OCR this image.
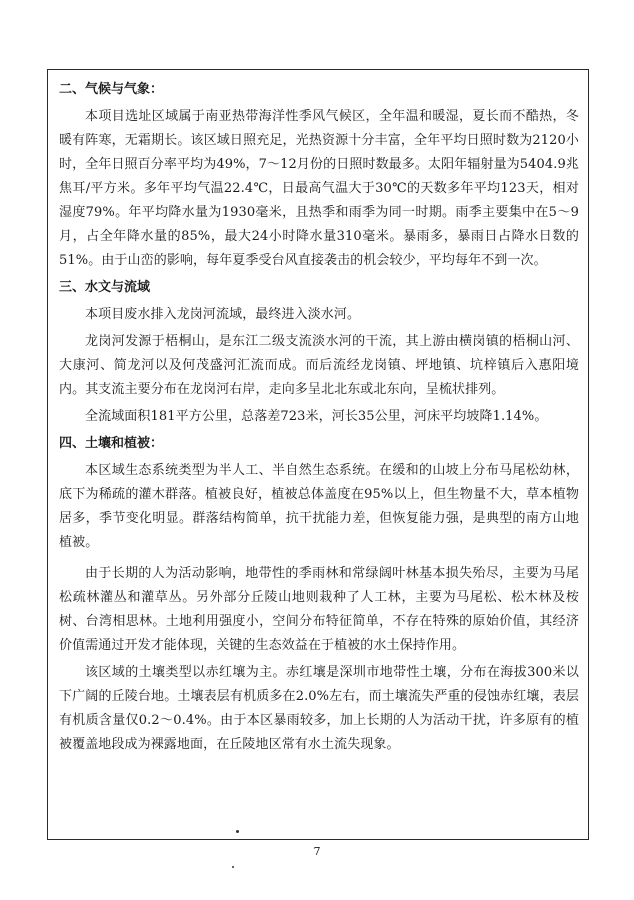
二、气候与气象：

本项目选址区域属于南亚热带海洋性季风气候区，全年温和暖湿，夏长而不酷热，冬暖有阵寒，无霜期长。该区域日照充足，光热资源十分丰富，全年平均日照时数为2120小时，全年日照百分率平均为49%，7～12月份的日照时数最多。太阳年辐射量为5404.9兆焦耳/平方米。多年平均气温22.4℃，日最高气温大于30℃的天数多年平均123天，相对湿度79%。年平均降水量为1930毫米，且热季和雨季为同一时期。雨季主要集中在5～9月，占全年降水量的85%，最大24小时降水量310毫米。暴雨多，暴雨日占降水日数的51%。由于山峦的影响，每年夏季受台风直接袭击的机会较少，平均每年不到一次。

三、水文与流域

本项目废水排入龙岗河流域，最终进入淡水河。

龙岗河发源于梧桐山，是东江二级支流淡水河的干流，其上游由横岗镇的梧桐山河、大康河、简龙河以及何茂盛河汇流而成。而后流经龙岗镇、坪地镇、坑梓镇后入惠阳境内。其支流主要分布在龙岗河右岸，走向多呈北北东或北东向，呈梳状排列。

全流域面积181平方公里，总落差723米，河长35公里，河床平均坡降1.14%。

四、土壤和植被：

本区域生态系统类型为半人工、半自然生态系统。在缓和的山坡上分布马尾松幼林，底下为稀疏的灌木群落。植被良好，植被总体盖度在95%以上，但生物量不大，草本植物居多，季节变化明显。群落结构简单，抗干扰能力差，但恢复能力强，是典型的南方山地植被。

由于长期的人为活动影响，地带性的季雨林和常绿阔叶林基本损失殆尽，主要为马尾松疏林灌丛和灌草丛。另外部分丘陵山地则栽种了人工林，主要为马尾松、松木林及桉树、台湾相思林。土地利用强度小，空间分布特征简单，不存在特殊的原始价值，其经济价值需通过开发才能体现，关键的生态效益在于植被的水土保持作用。

该区域的土壤类型以赤红壤为主。赤红壤是深圳市地带性土壤，分布在海拔300米以下广阔的丘陵台地。土壤表层有机质多在2.0%左右，而土壤流失严重的侵蚀赤红壤，表层有机质含量仅0.2～0.4%。由于本区暴雨较多，加上长期的人为活动干扰，许多原有的植被覆盖地段成为裸露地面，在丘陵地区常有水土流失现象。

7
